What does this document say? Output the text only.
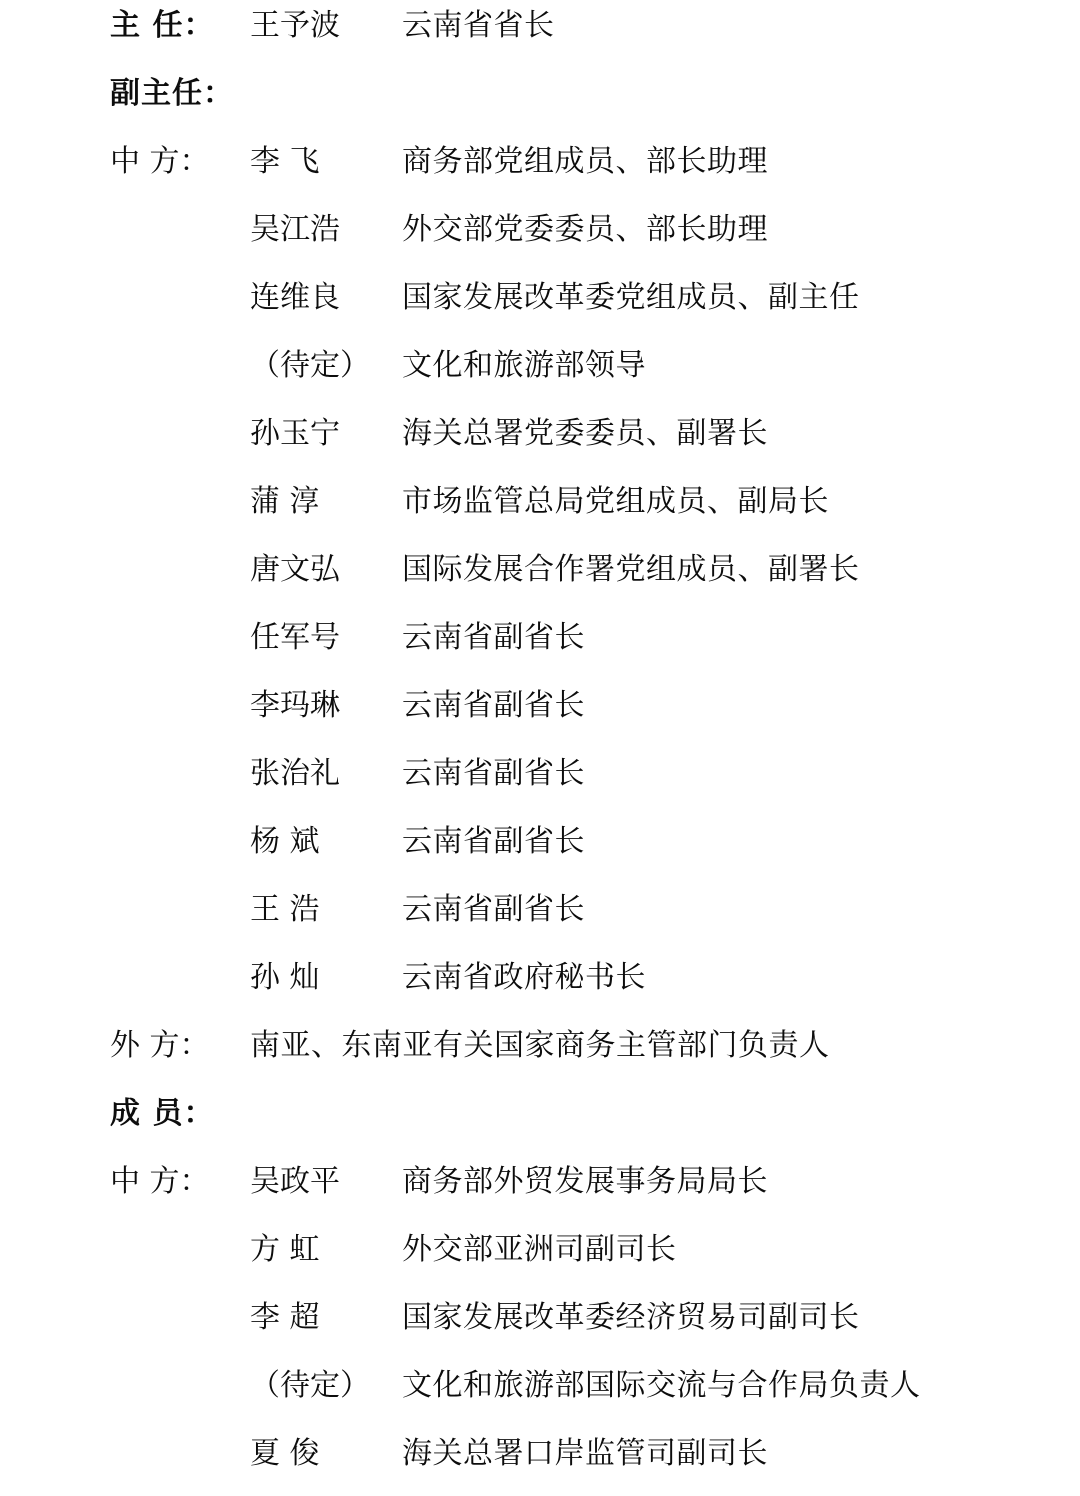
主 任：	王予波	云南省省长
副主任：
中 方：	李 飞	商务部党组成员、部长助理
吴江浩	外交部党委委员、部长助理
连维良	国家发展改革委党组成员、副主任
（待定）	文化和旅游部领导
孙玉宁	海关总署党委委员、副署长
蒲 淳	市场监管总局党组成员、副局长
唐文弘	国际发展合作署党组成员、副署长
任军号	云南省副省长
李玛琳	云南省副省长
张治礼	云南省副省长
杨 斌	云南省副省长
王 浩	云南省副省长
孙 灿	云南省政府秘书长
外 方：	南亚、东南亚有关国家商务主管部门负责人
成 员：
中 方：	吴政平	商务部外贸发展事务局局长
方 虹	外交部亚洲司副司长
李 超	国家发展改革委经济贸易司副司长
（待定）	文化和旅游部国际交流与合作局负责人
夏 俊	海关总署口岸监管司副司长
